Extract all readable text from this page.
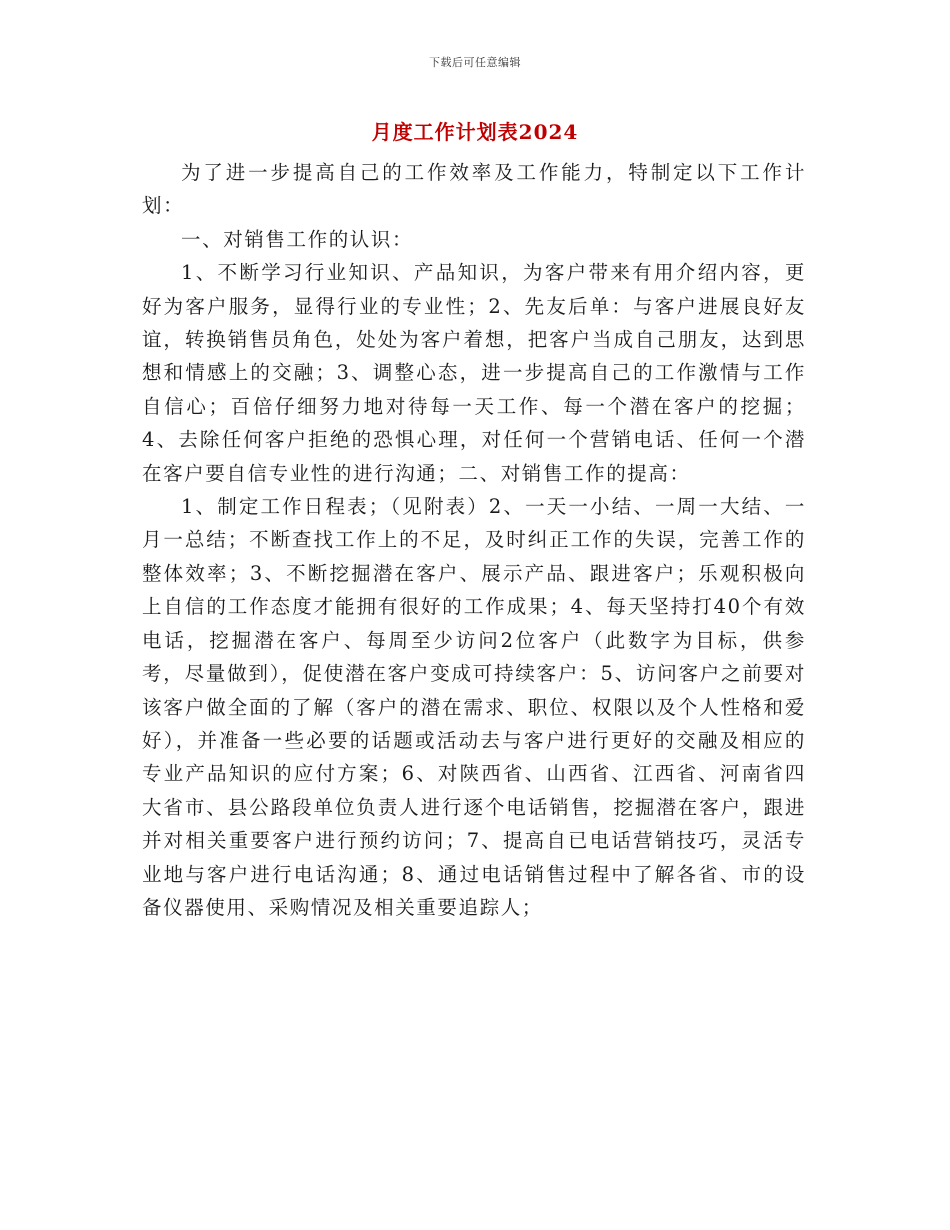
下载后可任意编辑
月度工作计划表2024

为了进一步提高自己的工作效率及工作能力，特制定以下工作计划：

一、对销售工作的认识：

1、不断学习行业知识、产品知识，为客户带来有用介绍内容，更好为客户服务，显得行业的专业性；2、先友后单：与客户进展良好友谊，转换销售员角色，处处为客户着想，把客户当成自己朋友，达到思想和情感上的交融；3、调整心态，进一步提高自己的工作激情与工作自信心；百倍仔细努力地对待每一天工作、每一个潜在客户的挖掘；4、去除任何客户拒绝的恐惧心理，对任何一个营销电话、任何一个潜在客户要自信专业性的进行沟通；二、对销售工作的提高：

1、制定工作日程表；（见附表）2、一天一小结、一周一大结、一月一总结；不断查找工作上的不足，及时纠正工作的失误，完善工作的整体效率；3、不断挖掘潜在客户、展示产品、跟进客户；乐观积极向上自信的工作态度才能拥有很好的工作成果；4、每天坚持打40个有效电话，挖掘潜在客户、每周至少访问2位客户（此数字为目标，供参考，尽量做到），促使潜在客户变成可持续客户：5、访问客户之前要对该客户做全面的了解（客户的潜在需求、职位、权限以及个人性格和爱好），并准备一些必要的话题或活动去与客户进行更好的交融及相应的专业产品知识的应付方案；6、对陕西省、山西省、江西省、河南省四大省市、县公路段单位负责人进行逐个电话销售，挖掘潜在客户，跟进并对相关重要客户进行预约访问；7、提高自已电话营销技巧，灵活专业地与客户进行电话沟通；8、通过电话销售过程中了解各省、市的设备仪器使用、采购情况及相关重要追踪人；
